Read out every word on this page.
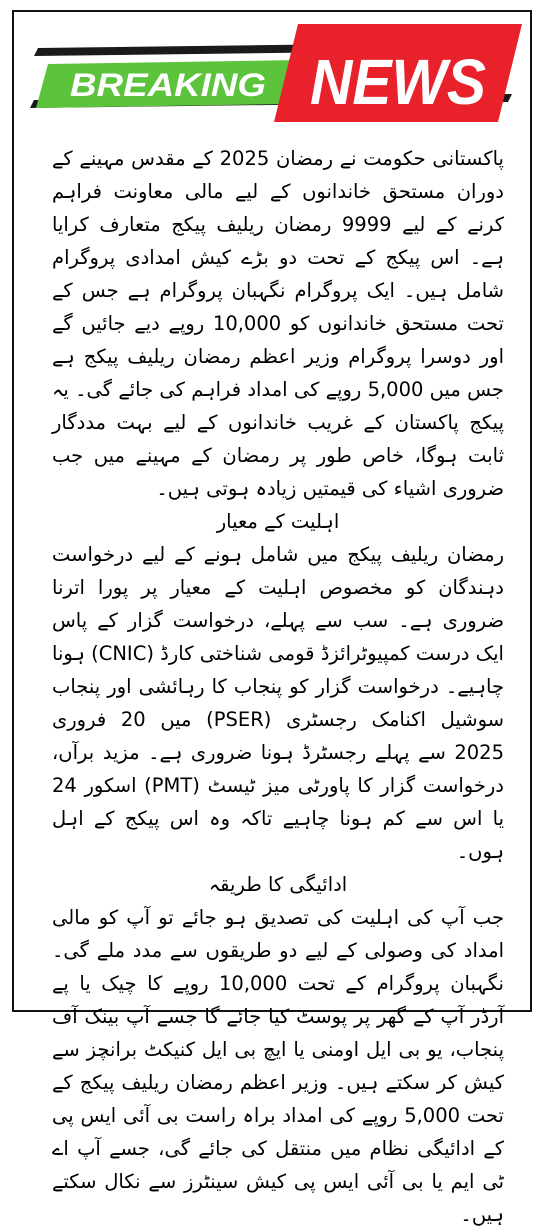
BREAKING NEWS

پاکستانی حکومت نے رمضان 2025 کے مقدس مہینے کے دوران مستحق خاندانوں کے لیے مالی معاونت فراہم کرنے کے لیے 9999 رمضان ریلیف پیکج متعارف کرایا ہے۔ اس پیکج کے تحت دو بڑے کیش امدادی پروگرام شامل ہیں۔ ایک پروگرام نگہبان پروگرام ہے جس کے تحت مستحق خاندانوں کو 10,000 روپے دیے جائیں گے اور دوسرا پروگرام وزیر اعظم رمضان ریلیف پیکج ہے جس میں 5,000 روپے کی امداد فراہم کی جائے گی۔ یہ پیکج پاکستان کے غریب خاندانوں کے لیے بہت مددگار ثابت ہوگا، خاص طور پر رمضان کے مہینے میں جب ضروری اشیاء کی قیمتیں زیادہ ہوتی ہیں۔

اہلیت کے معیار

رمضان ریلیف پیکج میں شامل ہونے کے لیے درخواست دہندگان کو مخصوص اہلیت کے معیار پر پورا اترنا ضروری ہے۔ سب سے پہلے، درخواست گزار کے پاس ایک درست کمپیوٹرائزڈ قومی شناختی کارڈ (CNIC) ہونا چاہیے۔ درخواست گزار کو پنجاب کا رہائشی اور پنجاب سوشیل اکنامک رجسٹری (PSER) میں 20 فروری 2025 سے پہلے رجسٹرڈ ہونا ضروری ہے۔ مزید برآں، درخواست گزار کا پاورٹی میز ٹیسٹ (PMT) اسکور 24 یا اس سے کم ہونا چاہیے تاکہ وہ اس پیکج کے اہل ہوں۔

ادائیگی کا طریقہ

جب آپ کی اہلیت کی تصدیق ہو جائے تو آپ کو مالی امداد کی وصولی کے لیے دو طریقوں سے مدد ملے گی۔ نگہبان پروگرام کے تحت 10,000 روپے کا چیک یا پے آرڈر آپ کے گھر پر پوسٹ کیا جائے گا جسے آپ بینک آف پنجاب، یو بی ایل اومنی یا ایچ بی ایل کنیکٹ برانچز سے کیش کر سکتے ہیں۔ وزیر اعظم رمضان ریلیف پیکج کے تحت 5,000 روپے کی امداد براہ راست بی آئی ایس پی کے ادائیگی نظام میں منتقل کی جائے گی، جسے آپ اے ٹی ایم یا بی آئی ایس پی کیش سینٹرز سے نکال سکتے ہیں۔
